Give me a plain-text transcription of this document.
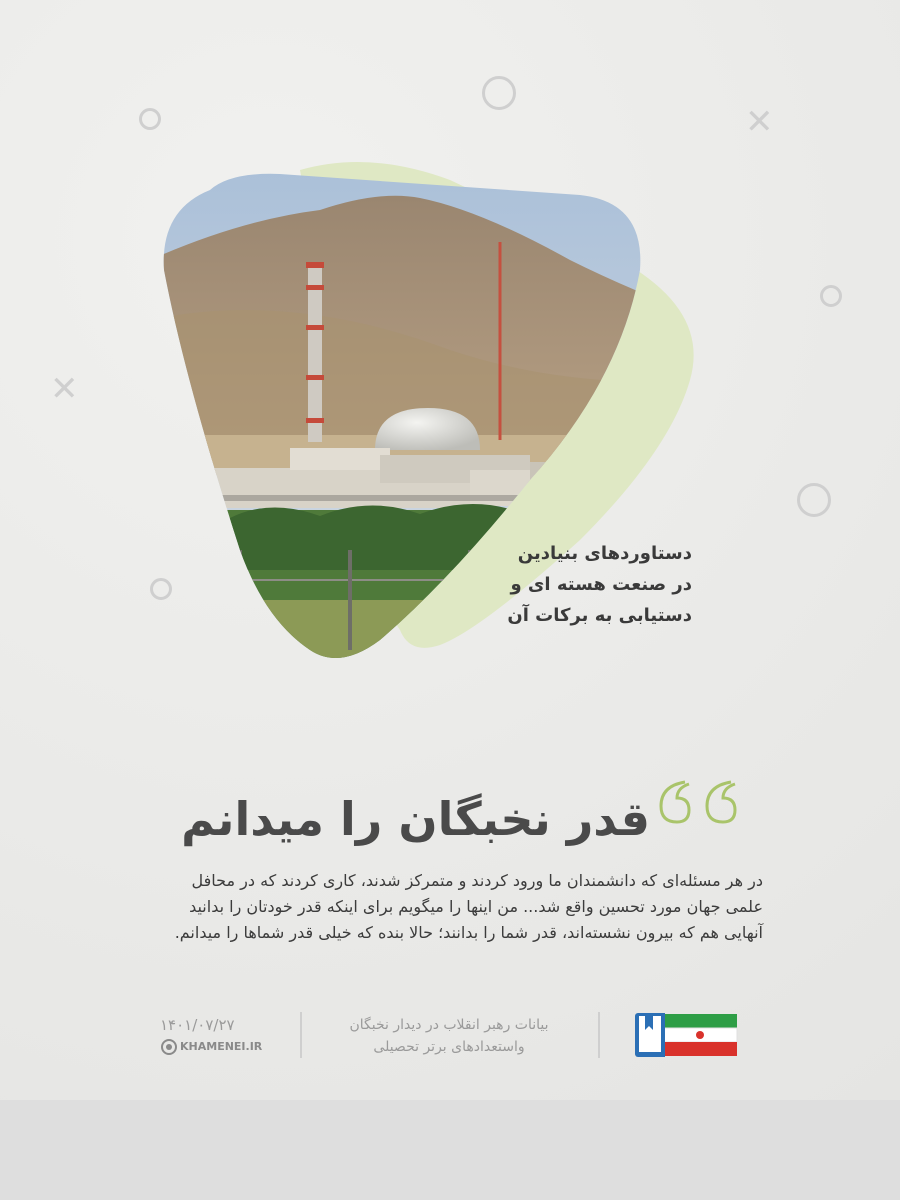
✕
✕
دستاوردهای بنیادین
در صنعت هسته ای و
دستیابی به برکات آن
قدر نخبگان را میدانم
در هر مسئله‌ای که دانشمندان ما ورود کردند و متمرکز شدند، کاری کردند که در محافل
علمی جهان مورد تحسین واقع شد... من اینها را میگویم برای اینکه قدر خودتان را بدانید
آنهایی هم که بیرون نشسته‌اند، قدر شما را بدانند؛ حالا بنده که خیلی قدر شماها را میدانم.
بیانات رهبر انقلاب در دیدار نخبگان
واستعدادهای برتر تحصیلی
۱۴۰۱/۰۷/۲۷
KHAMENEI.IR
